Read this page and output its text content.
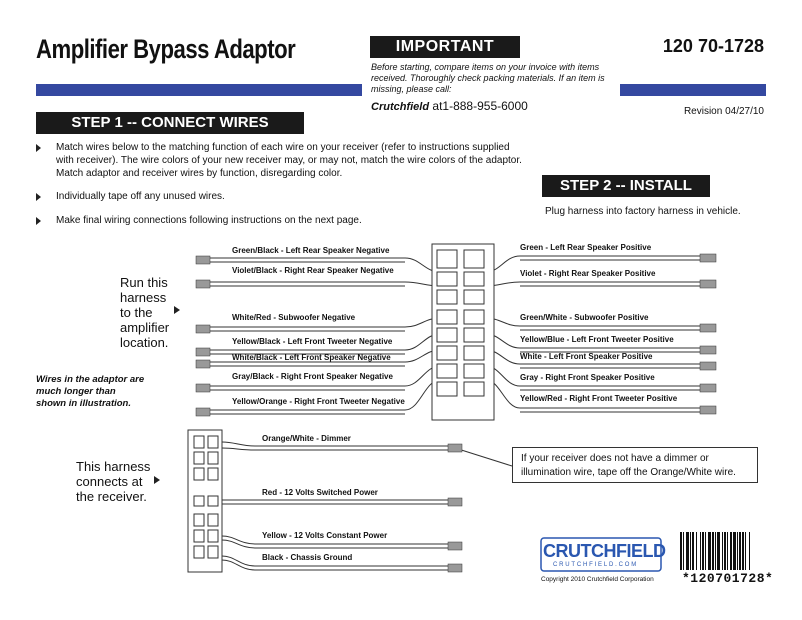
Amplifier Bypass Adaptor	120 70-1728
IMPORTANT
Before starting, compare items on your invoice with items received. Thoroughly check packing materials. If an item is missing, please call:
Crutchfield at1-888-955-6000	Revision 04/27/10
STEP 1 -- CONNECT WIRES
Match wires below to the matching function of each wire on your receiver (refer to instructions supplied with receiver). The wire colors of your new receiver may, or may not, match the wire colors of the adaptor. Match adaptor and receiver wires by function, disregarding color.
Individually tape off any unused wires.
Make final wiring connections following instructions on the next page.
STEP 2 -- INSTALL
Plug harness into factory harness in vehicle.
Green/Black - Left Rear Speaker Negative
Violet/Black - Right Rear Speaker Negative
White/Red - Subwoofer Negative
Yellow/Black - Left Front Tweeter Negative
White/Black - Left Front Speaker Negative
Gray/Black - Right Front Speaker Negative
Yellow/Orange - Right Front Tweeter Negative
Green - Left Rear Speaker Positive
Violet - Right Rear Speaker Positive
Green/White - Subwoofer Positive
Yellow/Blue - Left Front Tweeter Positive
White - Left Front Speaker Positive
Gray - Right Front Speaker Positive
Yellow/Red - Right Front Tweeter Positive
Orange/White - Dimmer
Red - 12 Volts Switched Power
Yellow - 12 Volts Constant Power
Black - Chassis Ground
Run this harness to the amplifier location.
This harness connects at the receiver.
Wires in the adaptor are much longer than shown in illustration.
If your receiver does not have a dimmer or illumination wire, tape off the Orange/White wire.
CRUTCHFIELD
CRUTCHFIELD.COM
Copyright 2010 Crutchfield Corporation *120701728*
